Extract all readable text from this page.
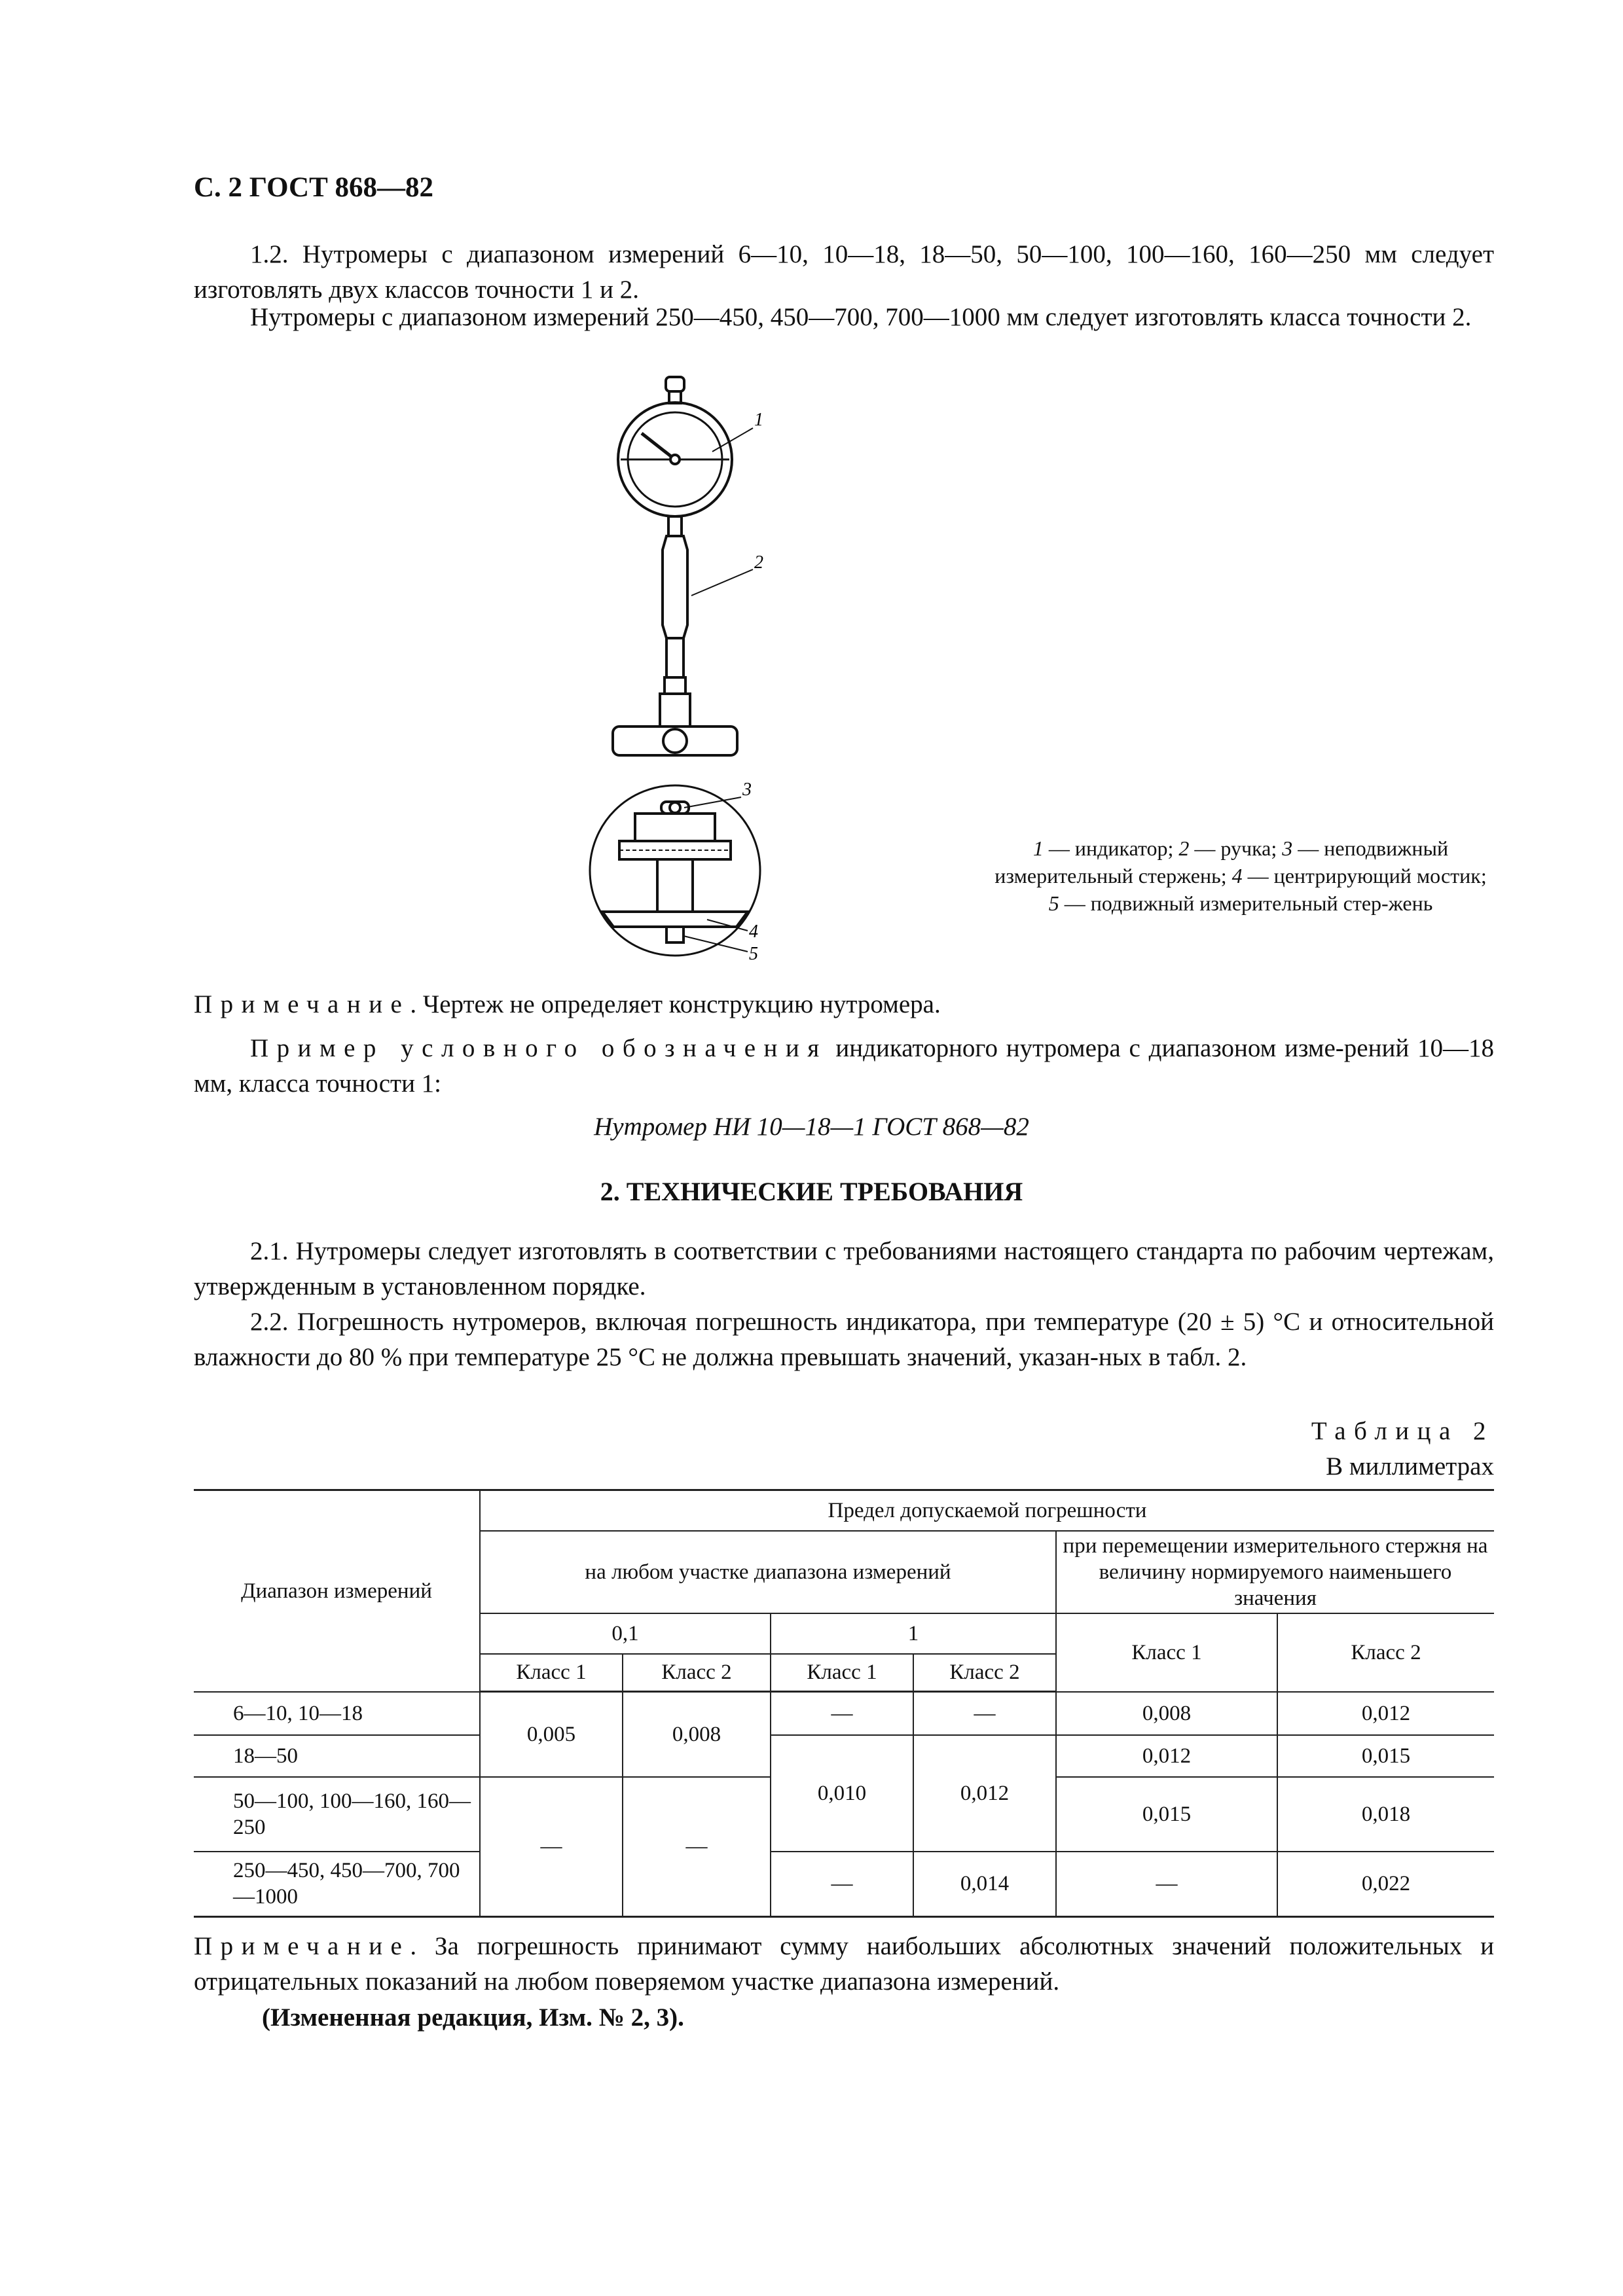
С. 2 ГОСТ 868—82
1.2. Нутромеры с диапазоном измерений 6—10, 10—18, 18—50, 50—100, 100—160, 160—250 мм следует изготовлять двух классов точности 1 и 2.
Нутромеры с диапазоном измерений 250—450, 450—700, 700—1000 мм следует изготовлять класса точности 2.
1
2
3
4
5
1 — индикатор; 2 — ручка; 3 — неподвижный измерительный стержень; 4 — центрирующий мостик; 5 — подвижный измерительный стер-жень
Примечание. Чертеж не определяет конструкцию нутромера.
Пример условного обозначения индикаторного нутромера с диапазоном изме-рений 10—18 мм, класса точности 1:
Нутромер НИ 10—18—1 ГОСТ 868—82
2. ТЕХНИЧЕСКИЕ ТРЕБОВАНИЯ
2.1. Нутромеры следует изготовлять в соответствии с требованиями настоящего стандарта по рабочим чертежам, утвержденным в установленном порядке.
2.2. Погрешность нутромеров, включая погрешность индикатора, при температуре (20 ± 5) °С и относительной влажности до 80 % при температуре 25 °С не должна превышать значений, указан-ных в табл. 2.
Таблица 2
В миллиметрах
Диапазон измерений	Предел допускаемой погрешности					
	на любом участке диапазона измерений				при перемещении измерительного стержня на величину нормируемого наименьшего значения	
	0,1		1		Класс 1	Класс 2
	Класс 1	Класс 2	Класс 1	Класс 2		
6—10, 10—18	0,005	0,008	—	—	0,008	0,012
18—50			0,010	0,012	0,012	0,015
50—100, 100—160, 160—250	—	—			0,015	0,018
250—450, 450—700, 700—1000			—	0,014	—	0,022
Примечание. За погрешность принимают сумму наибольших абсолютных значений положительных и отрицательных показаний на любом поверяемом участке диапазона измерений.
(Измененная редакция, Изм. № 2, 3).
